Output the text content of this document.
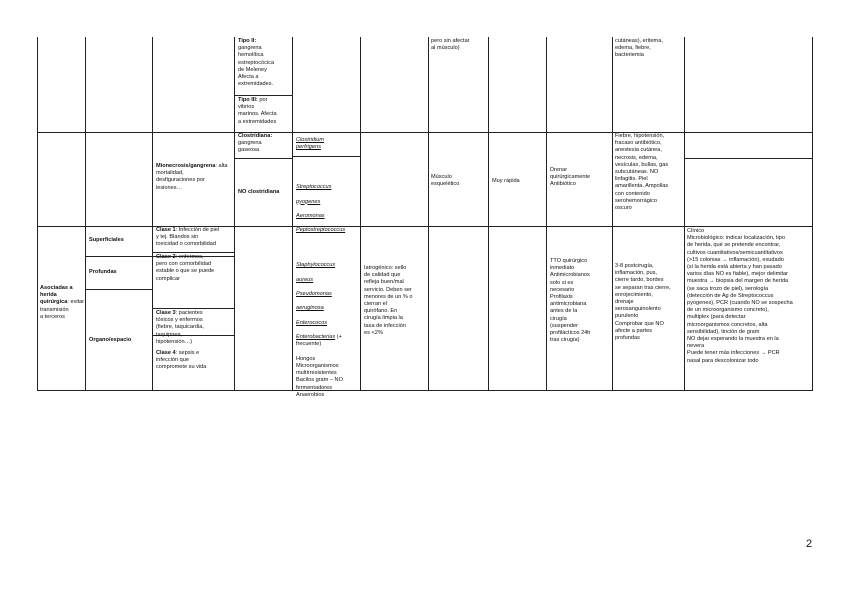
Tipo II:
gangrena
hemolítica
estreptocócica
de Meleney
Afecta a
extremidades.
Tipo III: por
vibrios
marinos. Afecta
a extremidades
pero sin afectar
al músculo)
cutáneas), eritema,
edema, fiebre,
bacteriemia
Mionecrosis/gangrena: alta mortalidad,
desfiguraciones por
lesiones…
Clostridiana:
gangrena
gaseosa
Clostridium
perfrigens
NO clostridiana

Streptococcus

pyogenes

Aeromonas

Peptostreptococcus

Músculo
esquelético
Muy rápida
Drenar
quirúrgicamente
Antibiótico
Fiebre, hipotensión,
fracaso antibiótico,
anestesia cutánea,
necrosis, edema,
vesículas, bullas, gas
subcutáneas. NO
linfagitis. Piel
amarillenta. Ampollas
con contenido
serohemorrágico
oscuro
Asociadas a
herida
quirúrgica: evitar
transmisión
a terceros
Superficiales
Profundas
Órgano/espacio
Clase 1: Infección de piel
y tej. Blandos sin
toxicidad o comorbilidad
Clase 2: enfermos,
pero con comorbilidad
estable o que se puede
complicar
Clase 3: pacientes
tóxicos y enfermos
(fiebre, taquicardia,
taquipnea,
hipotensión…)
Clase 4: sepsis e
infección que
compromete su vida

Staphylococcus

aureus

Pseudomonas

aeruginosa

Enterococos

Enterobacterias (+
frecuente)

Hongos
Microorganismos
multirresistentes
Bacilos gram – NO
fermentadores
Anaerobios

Iatrogénico: sello
de calidad que
refleja buen/mal
servicio. Deben ser
menores de un % o
cierran el
quirófano. En
cirugía limpia la
tasa de infección
es <2%
TTO quirúrgico
inmediato
Antimicrobianos
solo si es
necesario
Profilaxis
antimicrobiana
antes de la
cirugía
(suspender
profilácticos 24h
tras cirugía)
3-8 postcirugía,
inflamación, pus,
cierre tardo, bordes
se separan tras cierre,
enrojecimiento,
drenaje
serosanguinolento
purulento
Comprobar que NO
afecte a partes
profundas
Clínico
Microbiológico: indicar localización, tipo
de herida, qué se pretende encontrar,
cultivos cuantitativos/semicuantitativos
(>15 colonias → inflamación), exudado
(si la herida está abierta y han pasado
varios días NO es fiable), mejor delimitar
muestra → biopsia del margen de herida
(se saca trozo de piel), serología
(detección de Ag de Streptococcus
pyogenes), PCR (cuando NO se sospecha
de un microorganismo concreto),
multiplex (para detectar
microorganismos concretos, alta
sensibilidad), tinción de gram
NO dejar esperando la muestra en la
nevera
Puede tener más infecciones → PCR
nasal para descolonizar todo
2
